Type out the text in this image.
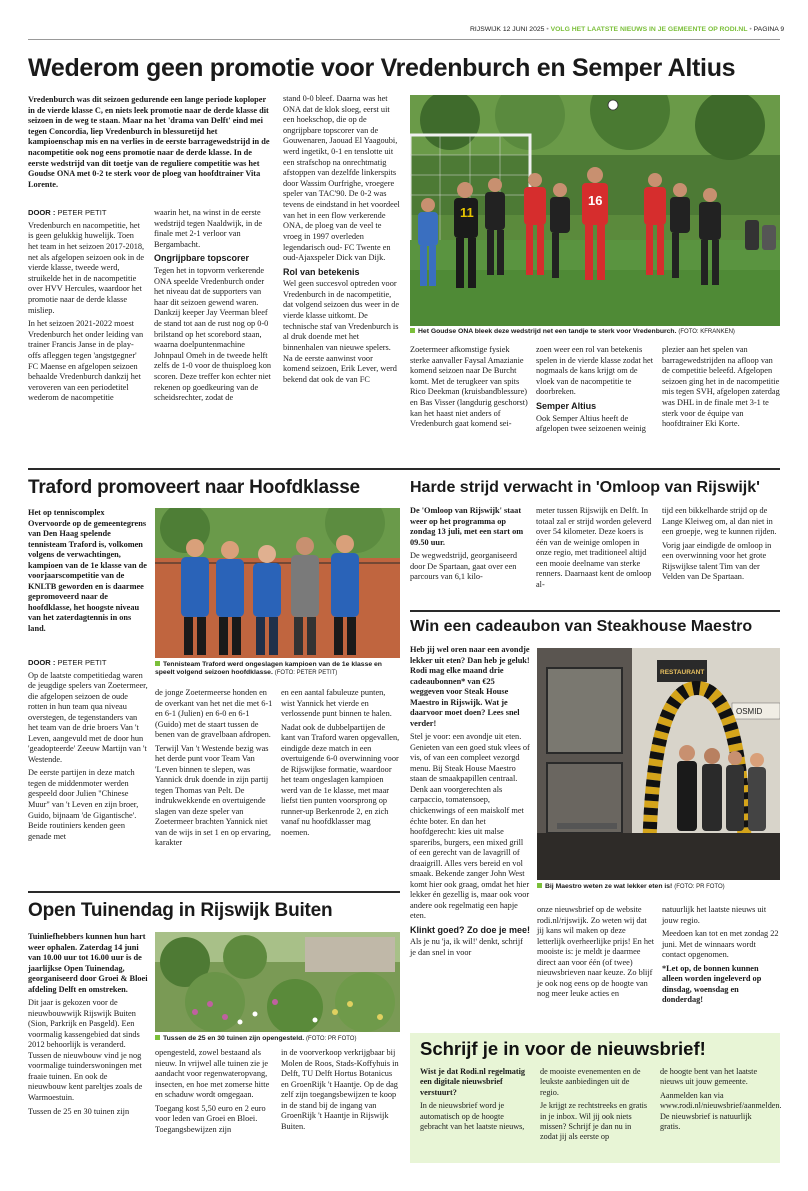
RIJSWIJK 12 JUNI 2025 • VOLG HET LAATSTE NIEUWS IN JE GEMEENTE OP RODI.NL • PAGINA 9
Wederom geen promotie voor Vredenburch en Semper Altius

Vredenburch was dit seizoen gedurende een lange periode koploper in de vierde klasse C, en niets leek promotie naar de derde klasse dit seizoen in de weg te staan. Maar na het 'drama van Delft' eind mei tegen Concordia, liep Vredenburch in blessuretijd het kampioenschap mis en na verlies in de eerste barragewedstrijd in de nacompetitie ook nog eens promotie naar de derde klasse. In de eerste wedstrijd van dit toetje van de reguliere competitie was het Goudse ONA met 0-2 te sterk voor de ploeg van hoofdtrainer Vita Lorente.

DOOR : PETER PETIT

Vredenburch en nacompetitie, het is geen gelukkig huwelijk. Toen het team in het seizoen 2017-2018, net als afgelopen seizoen ook in de vierde klasse, tweede werd, struikelde het in de nacompetitie over HVV Hercules, waardoor het promotie naar de derde klasse misliep.

In het seizoen 2021-2022 moest Vredenburch het onder leiding van trainer Francis Janse in de play-offs afleggen tegen 'angstgegner' FC Maense en afgelopen seizoen behaalde Vredenburch dankzij het veroveren van een periodetitel wederom de nacompetitie

waarin het, na winst in de eerste wedstrijd tegen Naaldwijk, in de finale met 2-1 verloor van Bergambacht.

Ongrijpbare topscorer

Tegen het in topvorm verkerende ONA speelde Vredenburch onder het niveau dat de supporters van haar dit seizoen gewend waren. Dankzij keeper Jay Veerman bleef de stand tot aan de rust nog op 0-0 brilstand op het scorebord staan, waarna doelpuntenmachine Johnpaul Omeh in de tweede helft zelfs de 1-0 voor de thuisploeg kon scoren. Deze treffer kon echter niet rekenen op goedkeuring van de scheidsrechter, zodat de

stand 0-0 bleef. Daarna was het ONA dat de klok sloeg, eerst uit een hoekschop, die op de ongrijpbare topscorer van de Gouwenaren, Jaouad El Yaagoubi, werd ingetikt, 0-1 en tenslotte uit een strafschop na onrechtmatig afstoppen van dezelfde linkerspits door Wassim Ourfrighe, vroegere speler van TAC'90. De 0-2 was tevens de eindstand in het voordeel van het in een flow verkerende ONA, de ploeg van de veel te vroeg in 1997 overleden legendarisch oud- FC Twente en oud-Ajaxspeler Dick van Dijk.

Rol van betekenis

Wel geen succesvol optreden voor Vredenburch in de nacompetitie, dat volgend seizoen dus weer in de vierde klasse uitkomt. De technische staf van Vredenburch is al druk doende met het binnenhalen van nieuwe spelers. Na de eerste aanwinst voor komend seizoen, Erik Lever, werd bekend dat ook de van FC

11
16
Het Goudse ONA bleek deze wedstrijd net een tandje te sterk voor Vredenburch. (FOTO: KFRANKEN)

Zoetermeer afkomstige fysiek sterke aanvaller Faysal Amazianie komend seizoen naar De Burcht komt. Met de terugkeer van spits Rico Deekman (kruisbandblessure) en Bas Visser (langdurig geschorst) kan het haast niet anders of Vredenburch gaat komend sei-

zoen weer een rol van betekenis spelen in de vierde klasse zodat het nogmaals de kans krijgt om de vloek van de nacompetitie te doorbreken.

Semper Altius

Ook Semper Altius heeft de afgelopen twee seizoenen weinig

plezier aan het spelen van barragewedstrijden na afloop van de competitie beleefd. Afgelopen seizoen ging het in de nacompetitie mis tegen SVH, afgelopen zaterdag was DHL in de finale met 3-1 te sterk voor de équipe van hoofdtrainer Eki Korte.

Traford promoveert naar Hoofdklasse

Het op tenniscomplex Overvoorde op de gemeentegrens van Den Haag spelende tennisteam Traford is, volkomen volgens de verwachtingen, kampioen van de 1e klasse van de voorjaarscompetitie van de KNLTB geworden en is daarmee gepromoveerd naar de hoofdklasse, het hoogste niveau van het zaterdagtennis in ons land.

Tennisteam Traford werd ongeslagen kampioen van de 1e klasse en speelt volgend seizoen hoofdklasse. (FOTO: PETER PETIT)
DOOR : PETER PETIT

Op de laatste competitiedag waren de jeugdige spelers van Zoetermeer, die afgelopen seizoen de oude rotten in hun team qua niveau overstegen, de tegenstanders van het team van de drie broers Van 't Leven, aangevuld met de door hun 'geadopteerde' Zeeuw Martijn van 't Westende.

De eerste partijen in deze match tegen de middenmoter werden gespeeld door Julien "Chinese Muur" van 't Leven en zijn broer, Guido, bijnaam 'de Gigantische'. Beide routiniers kenden geen genade met

de jonge Zoetermeerse honden en de overkant van het net die met 6-1 en 6-1 (Julien) en 6-0 en 6-1 (Guido) met de staart tussen de benen van de gravelbaan afdropen.

Terwijl Van 't Westende bezig was het derde punt voor Team Van 'Leven binnen te slepen, was Yannick druk doende in zijn partij tegen Thomas van Pelt. De indrukwekkende en overtuigende slagen van deze speler van Zoetermeer brachten Yannick niet van de wijs in set 1 en op ervaring, karakter

en een aantal fabuleuze punten, wist Yannick het vierde en verlossende punt binnen te halen.

Nadat ook de dubbelpartijen de kant van Traford waren opgevallen, eindigde deze match in een overtuigende 6-0 overwinning voor de Rijswijkse formatie, waardoor het team ongeslagen kampioen werd van de 1e klasse, met maar liefst tien punten voorsprong op runner-up Berkenrode 2, en zich vanaf nu hoofdklasser mag noemen.

Harde strijd verwacht in 'Omloop van Rijswijk'

De 'Omloop van Rijswijk' staat weer op het programma op zondag 13 juli, met een start om 09.50 uur.

De wegwedstrijd, georganiseerd door De Spartaan, gaat over een parcours van 6,1 kilo-

meter tussen Rijswijk en Delft. In totaal zal er strijd worden geleverd over 54 kilometer. Deze koers is één van de weinige omlopen in onze regio, met traditioneel altijd een mooie deelname van sterke renners. Daarnaast kent de omloop al-

tijd een bikkelharde strijd op de Lange Kleiweg om, al dan niet in een groepje, weg te kunnen rijden.

Vorig jaar eindigde de omloop in een overwinning voor het grote Rijswijkse talent Tim van der Velden van De Spartaan.

Win een cadeaubon van Steakhouse Maestro

Heb jij wel oren naar een avondje lekker uit eten? Dan heb je geluk! Rodi mag elke maand drie cadeaubonnen* van €25 weggeven voor Steak House Maestro in Rijswijk. Wat je daarvoor moet doen? Lees snel verder!

Stel je voor: een avondje uit eten. Genieten van een goed stuk vlees of vis, of van een compleet vezorgd menu. Bij Steak House Maestro staan de smaakpapillen centraal. Denk aan voorgerechten als carpaccio, tomatensoep, chickenwings of een maiskolf met échte boter. En dan het hoofdgerecht: kies uit malse spareribs, burgers, een mixed grill of een gerecht van de lavagrill of draaigrill. Alles vers bereid en vol smaak. Bekende zanger John West komt hier ook graag, omdat het hier lekker én gezellig is, maar ook voor andere ook regelmatig een hapje eten.

Klinkt goed? Zo doe je mee!

Als je nu 'ja, ik wil!' denkt, schrijf je dan snel in voor

RESTAURANT
OSMID
Bij Maestro weten ze wat lekker eten is! (FOTO: PR FOTO)

onze nieuwsbrief op de website rodi.nl/rijswijk. Zo weten wij dat jij kans wil maken op deze letterlijk overheerlijke prijs! En het mooiste is: je meldt je daarmee direct aan voor één (of twee) nieuwsbrieven naar keuze. Zo blijf je ook nog eens op de hoogte van nog meer leuke acties en

natuurlijk het laatste nieuws uit jouw regio.

Meedoen kan tot en met zondag 22 juni. Met de winnaars wordt contact opgenomen.

*Let op, de bonnen kunnen alleen worden ingeleverd op dinsdag, woensdag en donderdag!

Open Tuinendag in Rijswijk Buiten

Tuinliefhebbers kunnen hun hart weer ophalen. Zaterdag 14 juni van 10.00 uur tot 16.00 uur is de jaarlijkse Open Tuinendag, georganiseerd door Groei & Bloei afdeling Delft en omstreken.

Dit jaar is gekozen voor de nieuwbouwwijk Rijswijk Buiten (Sion, Parkrijk en Pasgeld). Een voormalig kassengebied dat sinds 2012 behoorlijk is veranderd. Tussen de nieuwbouw vind je nog voormalige tuinderswoningen met fraaie tuinen. En ook de nieuwbouw kent pareltjes zoals de Warmoestuin.

Tussen de 25 en 30 tuinen zijn

Tussen de 25 en 30 tuinen zijn opengesteld. (FOTO: PR FOTO)

opengesteld, zowel bestaand als nieuw. In vrijwel alle tuinen zie je aandacht voor regenwateropvang, insecten, en hoe met zomerse hitte en schaduw wordt omgegaan.

Toegang kost 5,50 euro en 2 euro voor leden van Groei en Bloei. Toegangsbewijzen zijn

in de voorverkoop verkrijgbaar bij Molen de Roos, Stads-Koffyhuis in Delft, TU Delft Hortus Botanicus en GroenRijk 't Haantje. Op de dag zelf zijn toegangsbewijzen te koop in de stand bij de ingang van GroenRijk 't Haantje in Rijswijk Buiten.

Schrijf je in voor de nieuwsbrief!

Wist je dat Rodi.nl regelmatig een digitale nieuwsbrief verstuurt?

In de nieuwsbrief word je automatisch op de hoogte gebracht van het laatste nieuws,

de mooiste evenementen en de leukste aanbiedingen uit de regio.

Je krijgt ze rechtstreeks en gratis in je inbox. Wil jij ook niets missen? Schrijf je dan nu in zodat jij als eerste op

de hoogte bent van het laatste nieuws uit jouw gemeente.

Aanmelden kan via www.rodi.nl/nieuwsbrief/aanmelden. De nieuwsbrief is natuurlijk gratis.
